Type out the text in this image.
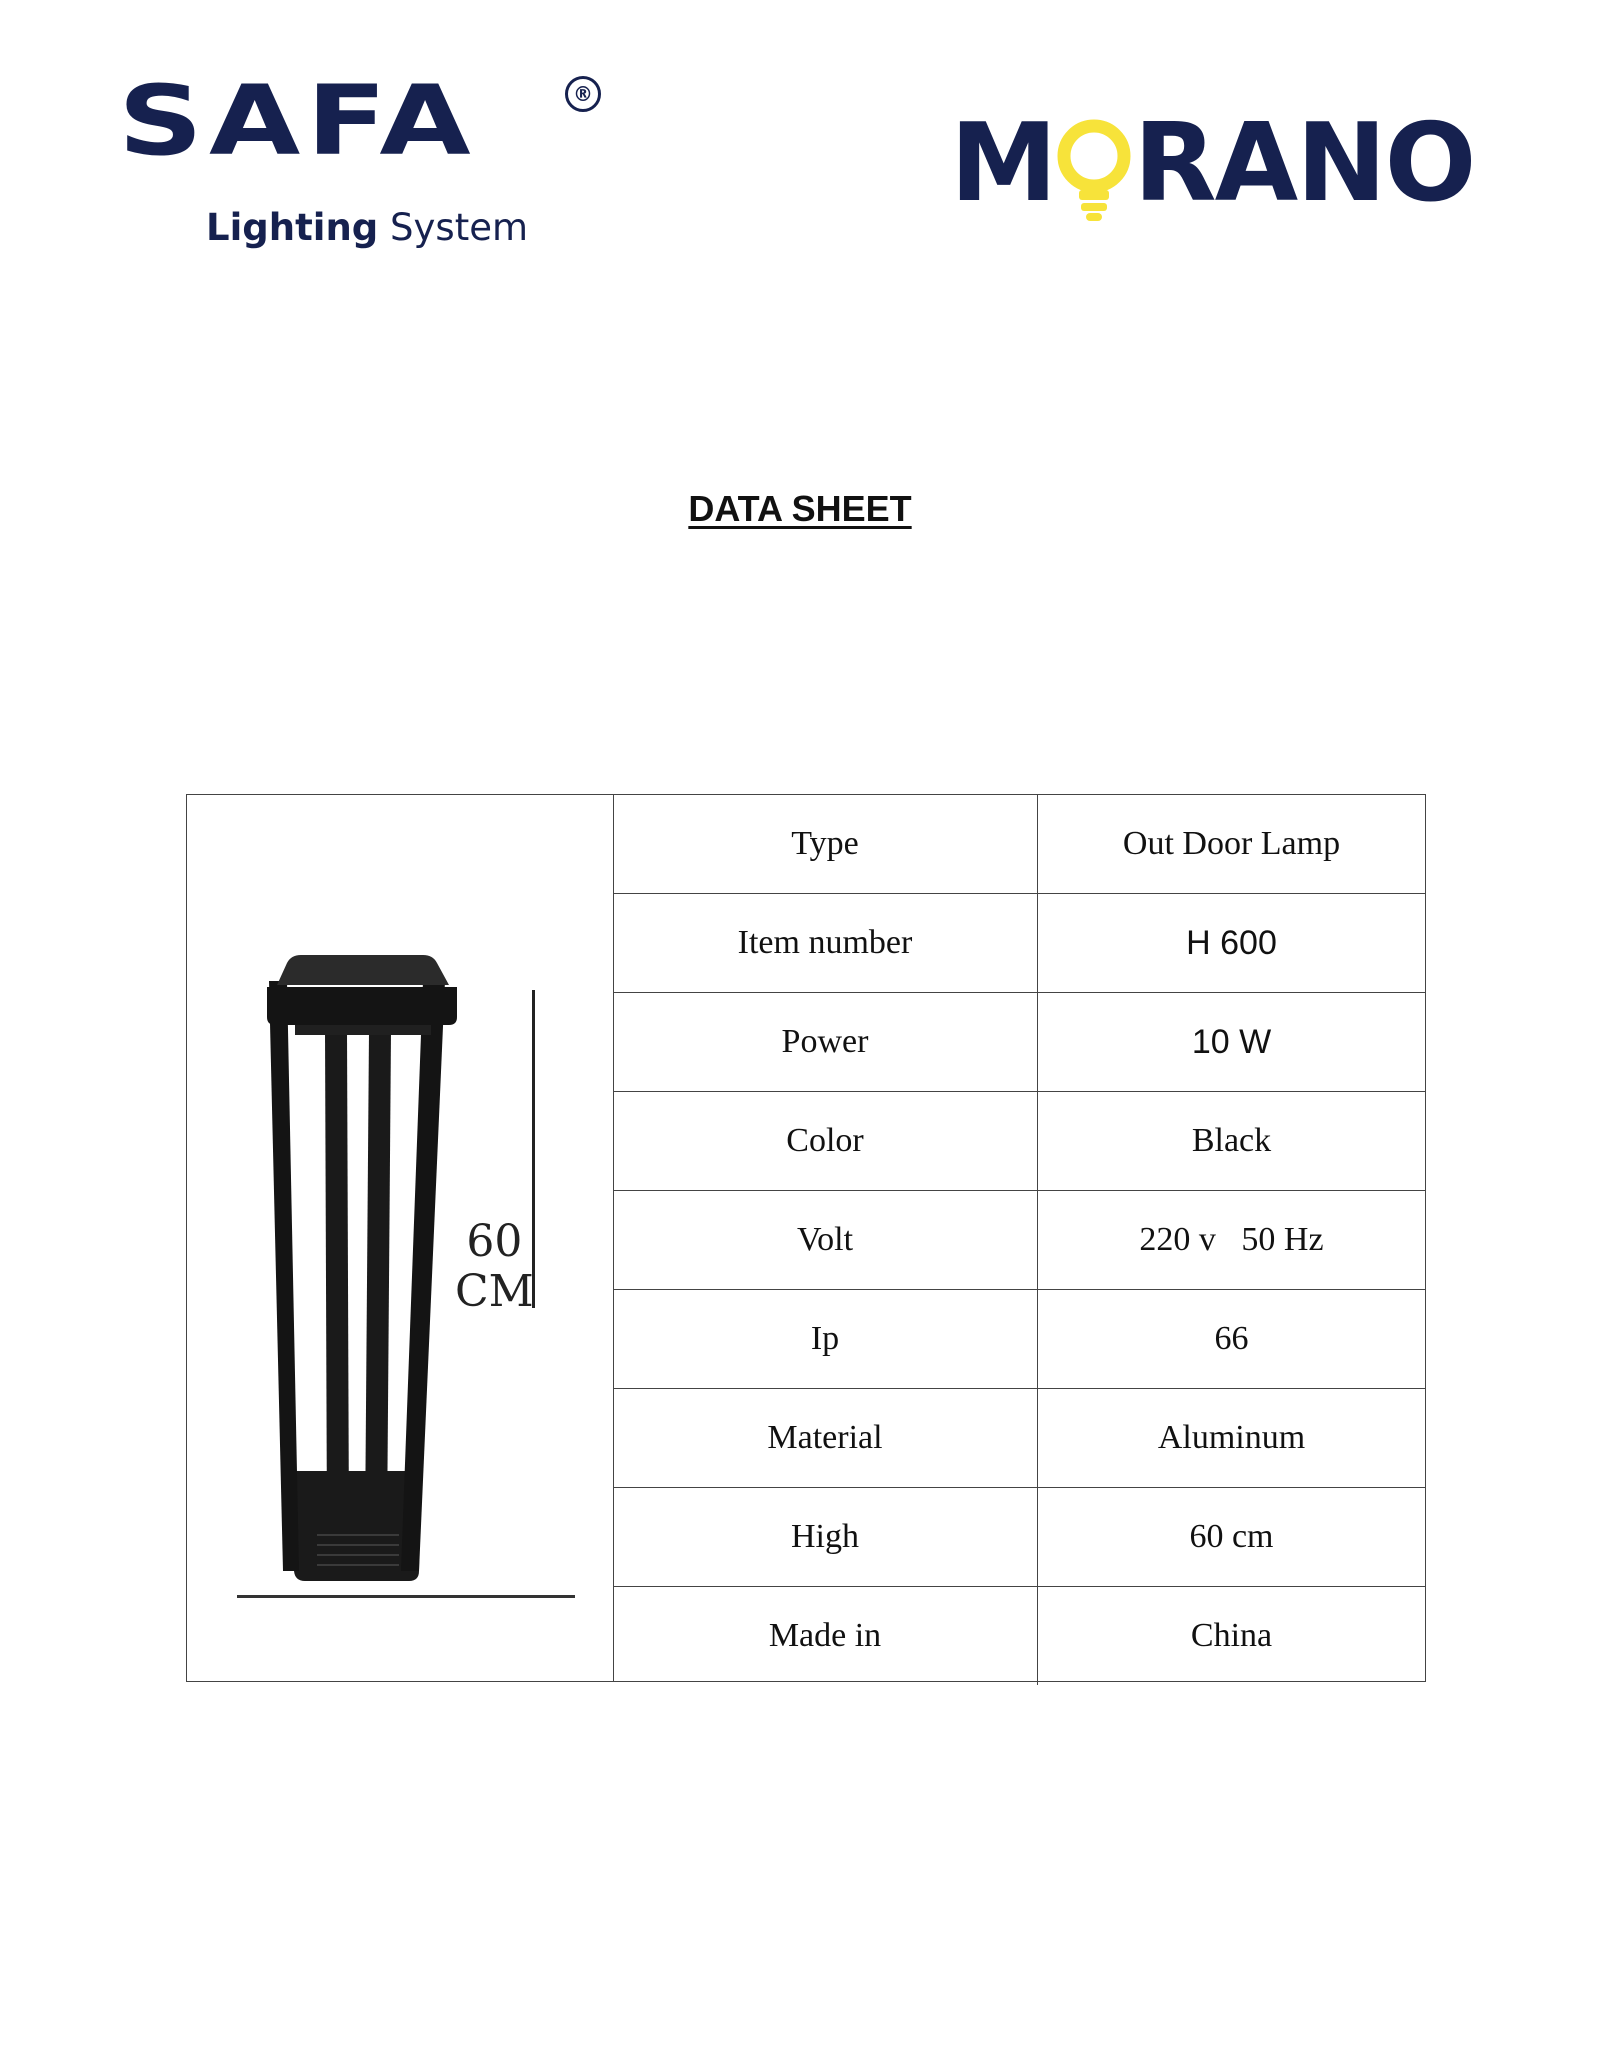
SAFA	®
Lighting System
M RANO
DATA SHEET
60
CM
Type	Out Door Lamp
Item number	H 600
Power	10 W
Color	Black
Volt	220 v   50 Hz
Ip	66
Material	Aluminum
High	60 cm
Made in	China
